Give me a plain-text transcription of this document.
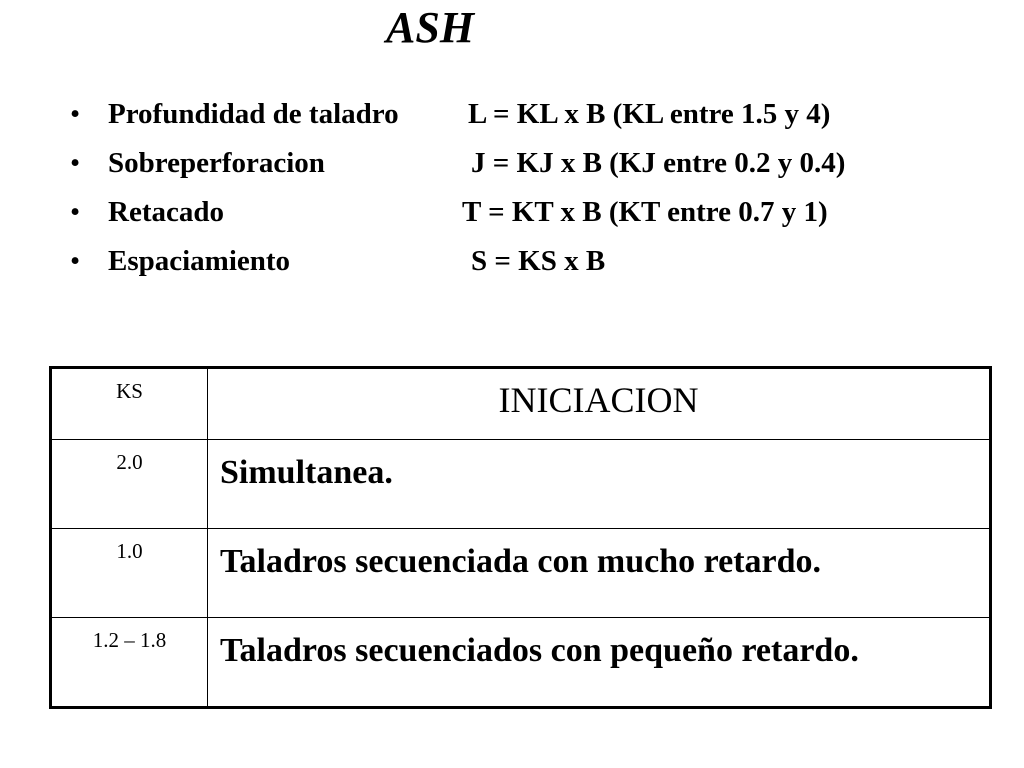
ASH
• Profundidad de taladro L = KL x B (KL entre 1.5 y 4)
• Sobreperforacion	J = KJ x B (KJ entre 0.2 y 0.4)
• Retacado	T = KT x B (KT entre 0.7 y 1)
• Espaciamiento	S = KS x B
KS	INICIACION
2.0	Simultanea.
1.0	Taladros secuenciada con mucho retardo.
1.2 – 1.8	Taladros secuenciados con pequeño retardo.
